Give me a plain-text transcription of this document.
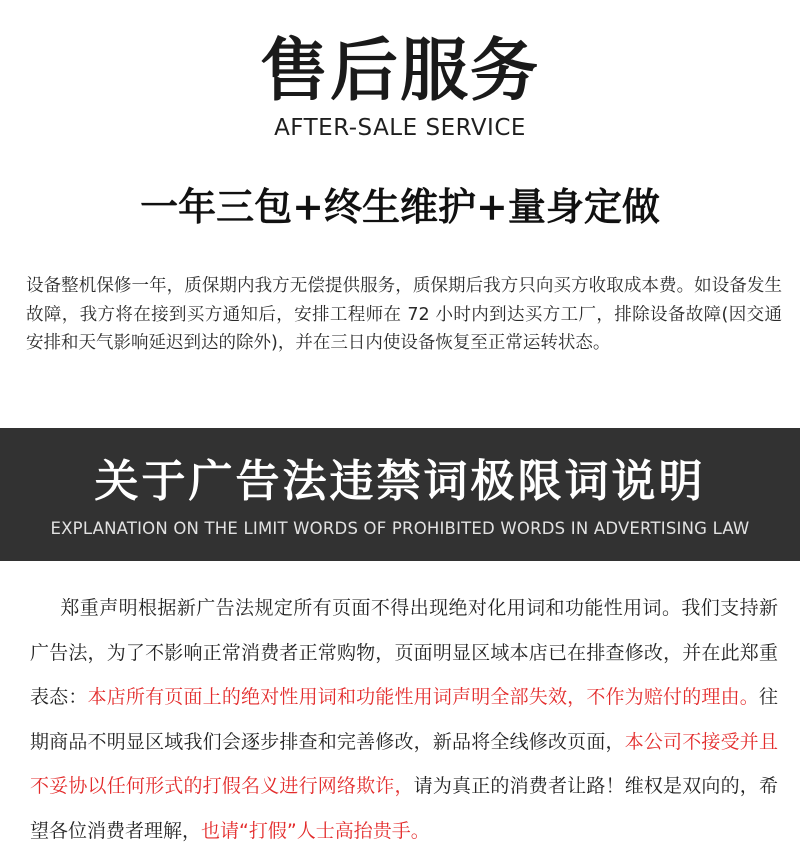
售后服务
AFTER-SALE SERVICE
一年三包+终生维护+量身定做
设备整机保修一年，质保期内我方无偿提供服务，质保期后我方只向买方收取成本费。如设备发生故障，我方将在接到买方通知后，安排工程师在 72 小时内到达买方工厂，排除设备故障(因交通安排和天气影响延迟到达的除外)，并在三日内使设备恢复至正常运转状态。
关于广告法违禁词极限词说明
EXPLANATION ON THE LIMIT WORDS OF PROHIBITED WORDS IN ADVERTISING LAW
郑重声明根据新广告法规定所有页面不得出现绝对化用词和功能性用词。我们支持新广告法，为了不影响正常消费者正常购物，页面明显区域本店已在排查修改，并在此郑重表态：本店所有页面上的绝对性用词和功能性用词声明全部失效，不作为赔付的理由。往期商品不明显区域我们会逐步排查和完善修改，新品将全线修改页面，本公司不接受并且不妥协以任何形式的打假名义进行网络欺诈，请为真正的消费者让路！维权是双向的，希望各位消费者理解，也请“打假”人士高抬贵手。
